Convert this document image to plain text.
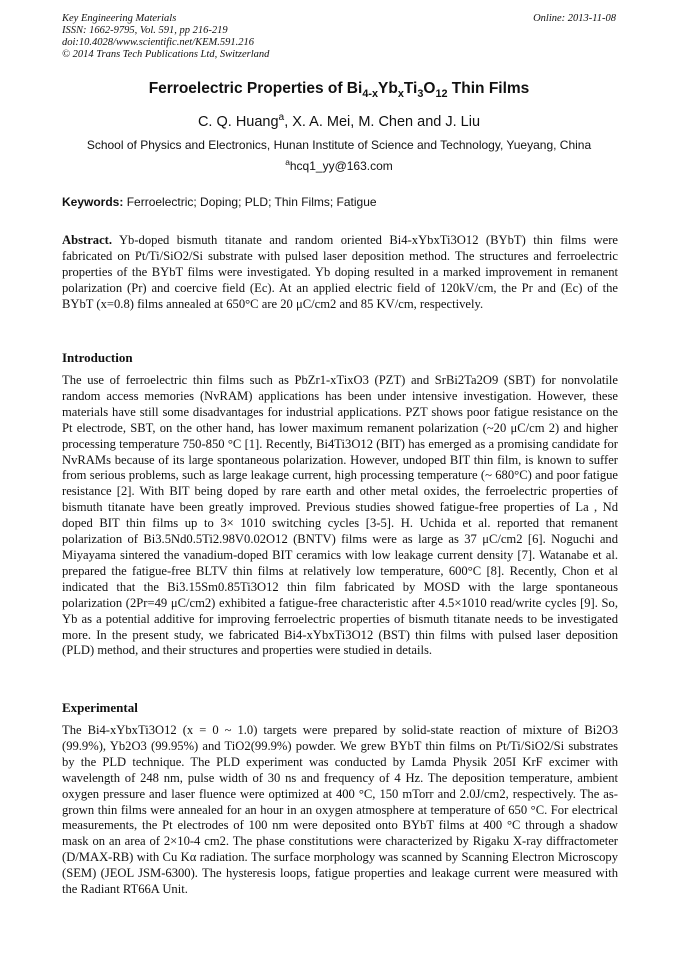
Key Engineering Materials
ISSN: 1662-9795, Vol. 591, pp 216-219
doi:10.4028/www.scientific.net/KEM.591.216
© 2014 Trans Tech Publications Ltd, Switzerland
Online: 2013-11-08
Ferroelectric Properties of $Bi_{4-x}Yb_xTi_3O_{12}$ Thin Films
C. Q. Huang$^a$, X. A. Mei, M. Chen and J. Liu
School of Physics and Electronics, Hunan Institute of Science and Technology, Yueyang, China
$^a$hcq1_yy@163.com
Keywords: Ferroelectric; Doping; PLD; Thin Films; Fatigue
Abstract. Yb-doped bismuth titanate and random oriented Bi4-xYbxTi3O12 (BYbT) thin films were fabricated on Pt/Ti/SiO2/Si substrate with pulsed laser deposition method. The structures and ferroelectric properties of the BYbT films were investigated. Yb doping resulted in a marked improvement in remanent polarization (Pr) and coercive field (Ec). At an applied electric field of 120kV/cm, the Pr and (Ec) of the BYbT (x=0.8) films annealed at 650°C are 20 μC/cm2 and 85 KV/cm, respectively.
Introduction
The use of ferroelectric thin films such as PbZr1-xTixO3 (PZT) and SrBi2Ta2O9 (SBT) for nonvolatile random access memories (NvRAM) applications has been under intensive investigation. However, these materials have still some disadvantages for industrial applications. PZT shows poor fatigue resistance on the Pt electrode, SBT, on the other hand, has lower maximum remanent polarization (~20 μC/cm 2) and higher processing temperature 750-850 °C [1]. Recently, Bi4Ti3O12 (BIT) has emerged as a promising candidate for NvRAMs because of its large spontaneous polarization. However, undoped BIT thin film, is known to suffer from serious problems, such as large leakage current, high processing temperature (~ 680°C) and poor fatigue resistance [2]. With BIT being doped by rare earth and other metal oxides, the ferroelectric properties of bismuth titanate have been greatly improved. Previous studies showed fatigue-free properties of La , Nd doped BIT thin films up to 3× 1010 switching cycles [3-5]. H. Uchida et al. reported that remanent polarization of Bi3.5Nd0.5Ti2.98V0.02O12 (BNTV) films were as large as 37 μC/cm2 [6]. Noguchi and Miyayama sintered the vanadium-doped BIT ceramics with low leakage current density [7]. Watanabe et al. prepared the fatigue-free BLTV thin films at relatively low temperature, 600°C [8]. Recently, Chon et al indicated that the Bi3.15Sm0.85Ti3O12 thin film fabricated by MOSD with the large spontaneous polarization (2Pr=49 μC/cm2) exhibited a fatigue-free characteristic after 4.5×1010 read/write cycles [9]. So, Yb as a potential additive for improving ferroelectric properties of bismuth titanate needs to be investigated more. In the present study, we fabricated Bi4-xYbxTi3O12 (BST) thin films with pulsed laser deposition (PLD) method, and their structures and properties were studied in details.
Experimental
The Bi4-xYbxTi3O12 (x = 0 ~ 1.0) targets were prepared by solid-state reaction of mixture of Bi2O3 (99.9%), Yb2O3 (99.95%) and TiO2(99.9%) powder. We grew BYbT thin films on Pt/Ti/SiO2/Si substrates by the PLD technique. The PLD experiment was conducted by Lamda Physik 205I KrF excimer with wavelength of 248 nm, pulse width of 30 ns and frequency of 4 Hz. The deposition temperature, ambient oxygen pressure and laser fluence were optimized at 400 °C, 150 mTorr and 2.0J/cm2, respectively. The as-grown thin films were annealed for an hour in an oxygen atmosphere at temperature of 650 °C. For electrical measurements, the Pt electrodes of 100 nm were deposited onto BYbT films at 400 °C through a shadow mask on an area of 2×10-4 cm2. The phase constitutions were characterized by Rigaku X-ray diffractometer (D/MAX-RB) with Cu Kα radiation. The surface morphology was scanned by Scanning Electron Microscopy (SEM) (JEOL JSM-6300). The hysteresis loops, fatigue properties and leakage current were measured with the Radiant RT66A Unit.
